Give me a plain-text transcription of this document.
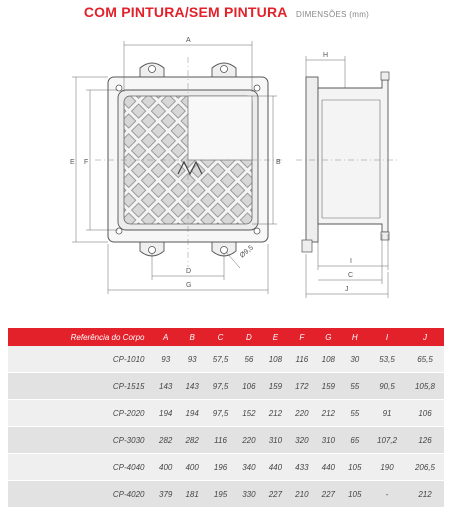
COM PINTURA/SEM PINTURA DIMENSÕES (mm)
A
E F	B
D
G
Ø9,5
H
I
C
J
Referência do Corpo	A	B	C	D	E	F	G	H	I	J
CP-1010	93	93	57,5	56	108	116	108	30	53,5	65,5
CP-1515	143	143	97,5	106	159	172	159	55	90,5	105,8
CP-2020	194	194	97,5	152	212	220	212	55	91	106
CP-3030	282	282	116	220	310	320	310	65	107,2	126
CP-4040	400	400	196	340	440	433	440	105	190	206,5
CP-4020	379	181	195	330	227	210	227	105	-	212
